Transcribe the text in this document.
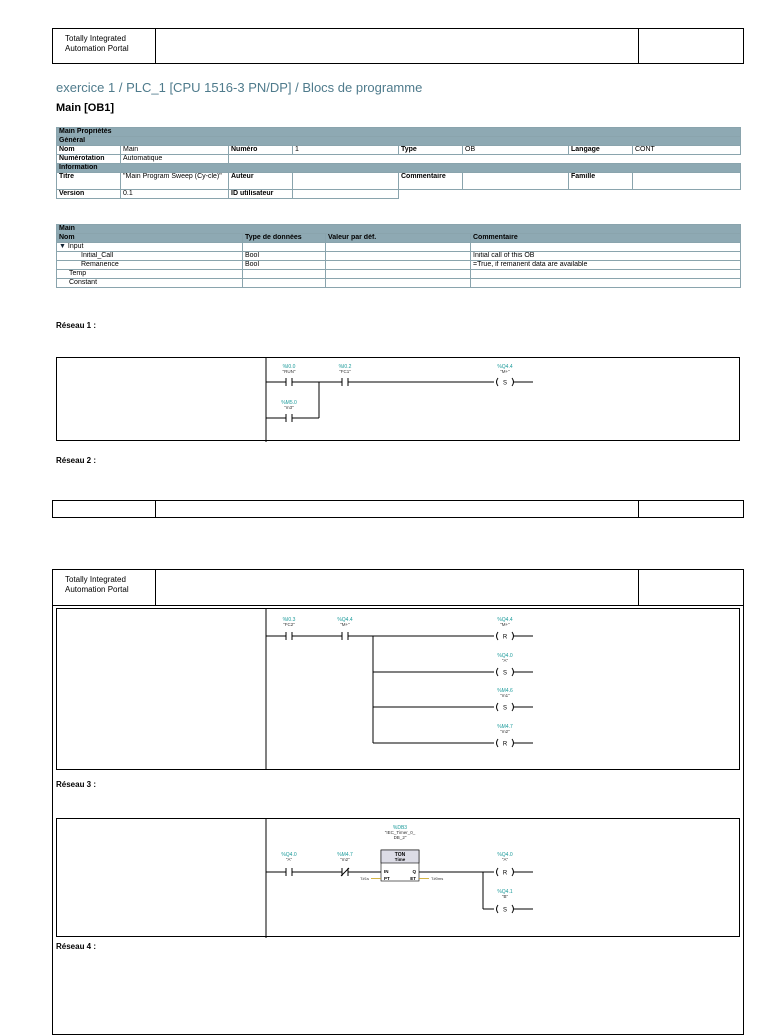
Totally Integrated
Automation Portal
exercice 1 / PLC_1 [CPU 1516-3 PN/DP] / Blocs de programme
Main [OB1]
Main Propriétés							
Général							
Nom	Main	Numéro	1	Type	OB	Langage	CONT
Numérotation	Automatique						
Information							
Titre	"Main Program Sweep (Cy-cle)"	Auteur		Commentaire		Famille	
Version	0.1	ID utilisateur					
Main			
Nom	Type de données	Valeur par déf.	Commentaire
▼ Input			
Initial_Call	Bool		Initial call of this OB
Remanence	Bool		=True, if remanent data are available
Temp			
Constant			
Réseau 1 :
%I0.0
"RUN"
%I0.2
"FC1"
%M5.0
"m3"
%Q4.4
"M+"
S
Réseau 2 :
Totally Integrated
Automation Portal
%I0.3
"FC2"
%Q4.4
"M+"
%Q4.4
"M+"
R
%Q4.0
"A"
S
%M4.6
"m1"
S
%M4.7
"m2"
R
Réseau 3 :
%Q4.0
"A"
%M4.7
"m2"
%DB3
"IEC_Timer_0_
DB_2"
TON
Time
IN
PT
Q
ET
T#1s	T#0ms
%Q4.0
"A"
R
%Q4.1
"B"
S
Réseau 4 :
